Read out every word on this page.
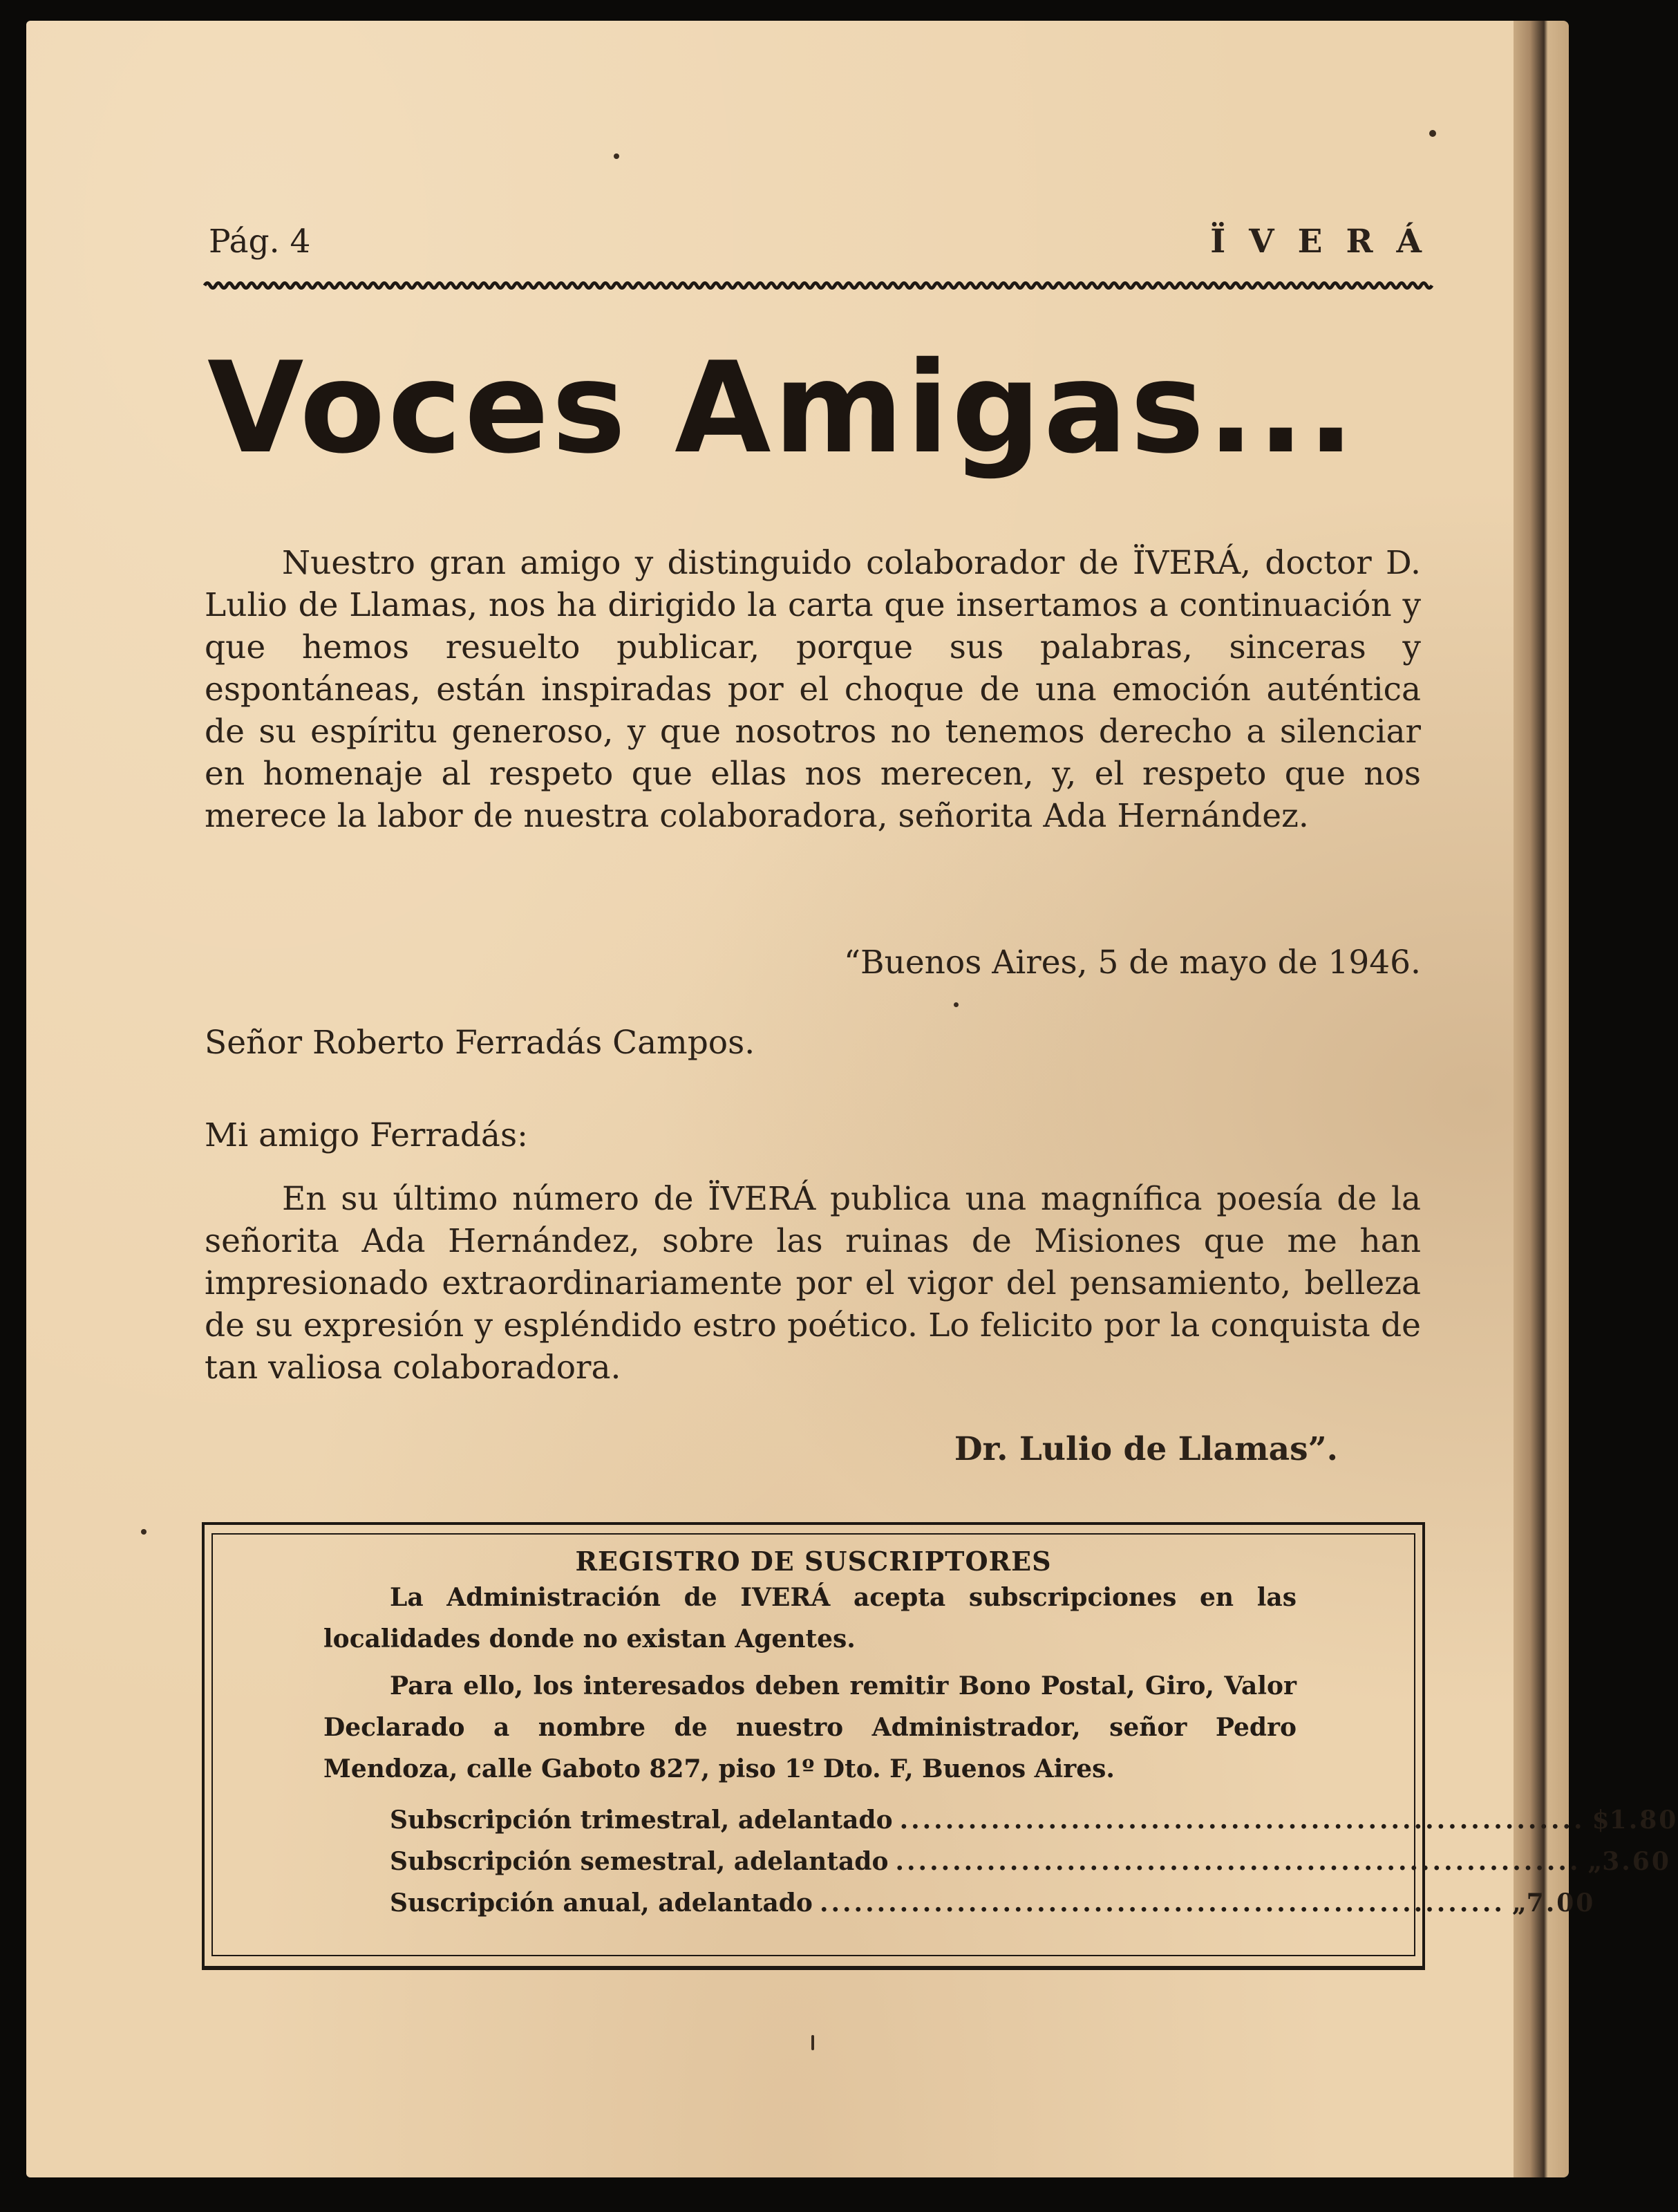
Pág. 4	ÏVERÁ
Voces Amigas...
Nuestro gran amigo y distinguido colaborador de ÏVERÁ, doctor D. Lulio de Llamas, nos ha dirigido la carta que insertamos a continuación y que hemos resuelto publicar, porque sus palabras, sinceras y espontáneas, están inspiradas por el choque de una emoción auténtica de su espíritu generoso, y que nosotros no tenemos derecho a silenciar en homenaje al respeto que ellas nos merecen, y, el respeto que nos merece la labor de nuestra colaboradora, señorita Ada Hernández.
“Buenos Aires, 5 de mayo de 1946.
Señor Roberto Ferradás Campos.
Mi amigo Ferradás:
En su último número de ÏVERÁ publica una magnífica poesía de la señorita Ada Hernández, sobre las ruinas de Misiones que me han impresionado extraordinariamente por el vigor del pensamiento, belleza de su expresión y espléndido estro poético. Lo felicito por la conquista de tan valiosa colaboradora.
Dr. Lulio de Llamas”.
REGISTRO DE SUSCRIPTORES
La Administración de IVERÁ acepta subscripciones en las localidades donde no existan Agentes.
Para ello, los interesados deben remitir Bono Postal, Giro, Valor Declarado a nombre de nuestro Administrador, señor Pedro Mendoza, calle Gaboto 827, piso 1º Dto. F, Buenos Aires.
Subscripción trimestral, adelantado ............................................................ $ 1.80
Subscripción semestral, adelantado ............................................................ „ 3.60
Suscripción anual, adelantado ............................................................ „ 7.00
